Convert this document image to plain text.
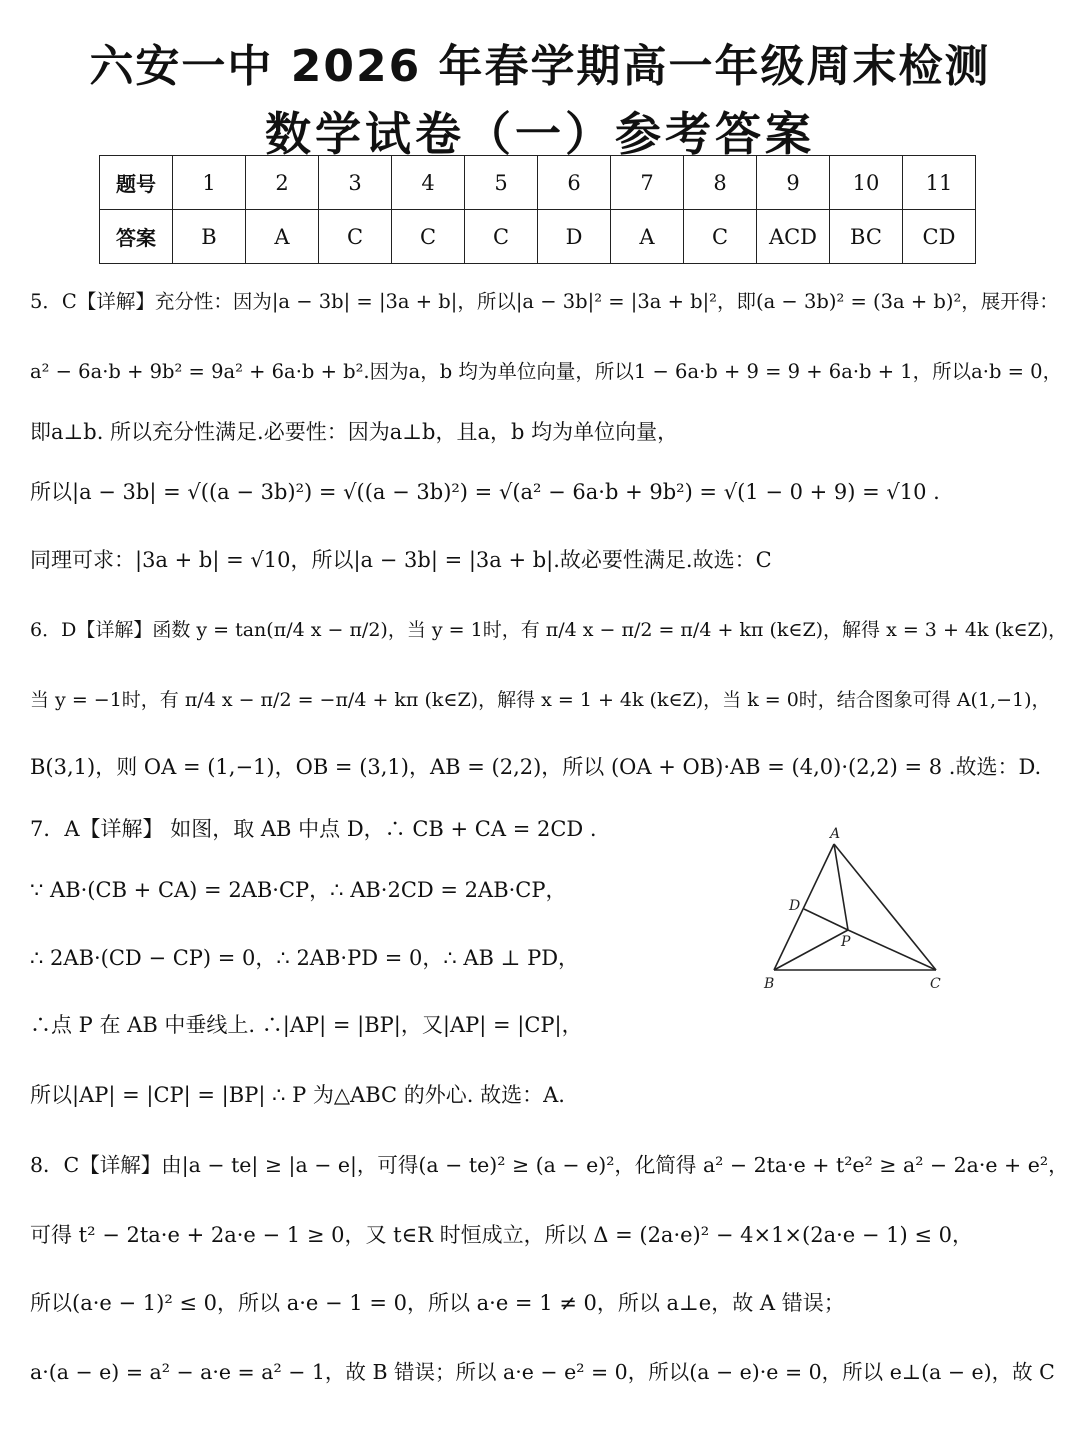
六安一中 2026 年春学期高一年级周末检测
数学试卷（一）参考答案
题号	1	2	3	4	5	6	7	8	9	10	11
答案	B	A	C	C	C	D	A	C	ACD	BC	CD
5．C【详解】充分性：因为|a − 3b| = |3a + b|，所以|a − 3b|² = |3a + b|²，即(a − 3b)² = (3a + b)²，展开得：
a² − 6a·b + 9b² = 9a² + 6a·b + b².因为a，b 均为单位向量，所以1 − 6a·b + 9 = 9 + 6a·b + 1，所以a·b = 0，
即a⊥b. 所以充分性满足.必要性：因为a⊥b，且a，b 均为单位向量，
所以|a − 3b| = √((a − 3b)²) = √((a − 3b)²) = √(a² − 6a·b + 9b²) = √(1 − 0 + 9) = √10 .
同理可求：|3a + b| = √10，所以|a − 3b| = |3a + b|.故必要性满足.故选：C
6．D【详解】函数 y = tan(π/4 x − π/2)，当 y = 1时，有 π/4 x − π/2 = π/4 + kπ (k∈Z)，解得 x = 3 + 4k (k∈Z)，
当 y = −1时，有 π/4 x − π/2 = −π/4 + kπ (k∈Z)，解得 x = 1 + 4k (k∈Z)，当 k = 0时，结合图象可得 A(1,−1)，
B(3,1)，则 OA = (1,−1)，OB = (3,1)，AB = (2,2)，所以 (OA + OB)·AB = (4,0)·(2,2) = 8 .故选：D.
7．A【详解】 如图，取 AB 中点 D，∴ CB + CA = 2CD .
∵ AB·(CB + CA) = 2AB·CP，∴ AB·2CD = 2AB·CP，
∴ 2AB·(CD − CP) = 0，∴ 2AB·PD = 0，∴ AB ⊥ PD，
∴点 P 在 AB 中垂线上. ∴|AP| = |BP|，又|AP| = |CP|，
所以|AP| = |CP| = |BP| ∴ P 为△ABC 的外心. 故选：A.
A
B	C
D
P
8．C【详解】由|a − te| ≥ |a − e|，可得(a − te)² ≥ (a − e)²，化简得 a² − 2ta·e + t²e² ≥ a² − 2a·e + e²，
可得 t² − 2ta·e + 2a·e − 1 ≥ 0，又 t∈R 时恒成立，所以 Δ = (2a·e)² − 4×1×(2a·e − 1) ≤ 0，
所以(a·e − 1)² ≤ 0，所以 a·e − 1 = 0，所以 a·e = 1 ≠ 0，所以 a⊥e，故 A 错误；
a·(a − e) = a² − a·e = a² − 1，故 B 错误；所以 a·e − e² = 0，所以(a − e)·e = 0，所以 e⊥(a − e)，故 C
